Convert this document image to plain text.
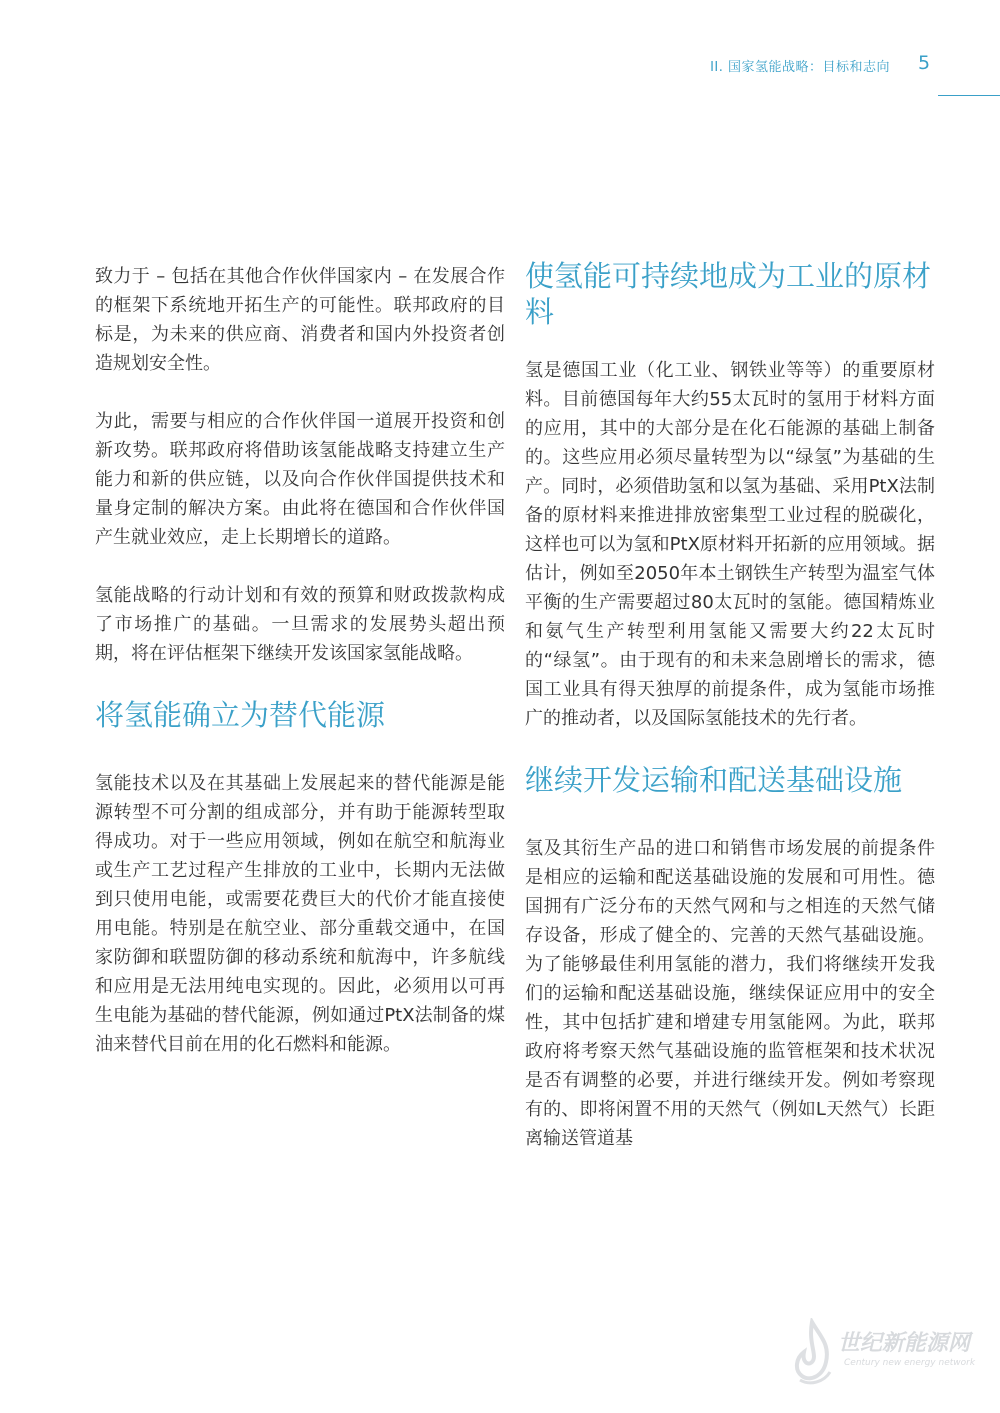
II. 国家氢能战略：目标和志向 5

致力于 – 包括在其他合作伙伴国家内 – 在发展合作的框架下系统地开拓生产的可能性。联邦政府的目标是，为未来的供应商、消费者和国内外投资者创造规划安全性。

为此，需要与相应的合作伙伴国一道展开投资和创新攻势。联邦政府将借助该氢能战略支持建立生产能力和新的供应链，以及向合作伙伴国提供技术和量身定制的解决方案。由此将在德国和合作伙伴国产生就业效应，走上长期增长的道路。

氢能战略的行动计划和有效的预算和财政拨款构成了市场推广的基础。一旦需求的发展势头超出预期，将在评估框架下继续开发该国家氢能战略。

将氢能确立为替代能源

氢能技术以及在其基础上发展起来的替代能源是能源转型不可分割的组成部分，并有助于能源转型取得成功。对于一些应用领域，例如在航空和航海业或生产工艺过程产生排放的工业中，长期内无法做到只使用电能，或需要花费巨大的代价才能直接使用电能。特别是在航空业、部分重载交通中，在国家防御和联盟防御的移动系统和航海中，许多航线和应用是无法用纯电实现的。因此，必须用以可再生电能为基础的替代能源，例如通过PtX法制备的煤油来替代目前在用的化石燃料和能源。

使氢能可持续地成为工业的原材料

氢是德国工业（化工业、钢铁业等等）的重要原材料。目前德国每年大约55太瓦时的氢用于材料方面的应用，其中的大部分是在化石能源的基础上制备的。这些应用必须尽量转型为以“绿氢”为基础的生产。同时，必须借助氢和以氢为基础、采用PtX法制备的原材料来推进排放密集型工业过程的脱碳化，这样也可以为氢和PtX原材料开拓新的应用领域。据估计，例如至2050年本土钢铁生产转型为温室气体平衡的生产需要超过80太瓦时的氢能。德国精炼业和氨气生产转型利用氢能又需要大约22太瓦时的“绿氢”。由于现有的和未来急剧增长的需求，德国工业具有得天独厚的前提条件，成为氢能市场推广的推动者，以及国际氢能技术的先行者。

继续开发运输和配送基础设施

氢及其衍生产品的进口和销售市场发展的前提条件是相应的运输和配送基础设施的发展和可用性。德国拥有广泛分布的天然气网和与之相连的天然气储存设备，形成了健全的、完善的天然气基础设施。为了能够最佳利用氢能的潜力，我们将继续开发我们的运输和配送基础设施，继续保证应用中的安全性，其中包括扩建和增建专用氢能网。为此，联邦政府将考察天然气基础设施的监管框架和技术状况是否有调整的必要，并进行继续开发。例如考察现有的、即将闲置不用的天然气（例如L天然气）长距离输送管道基

世纪新能源网
Century new energy network
